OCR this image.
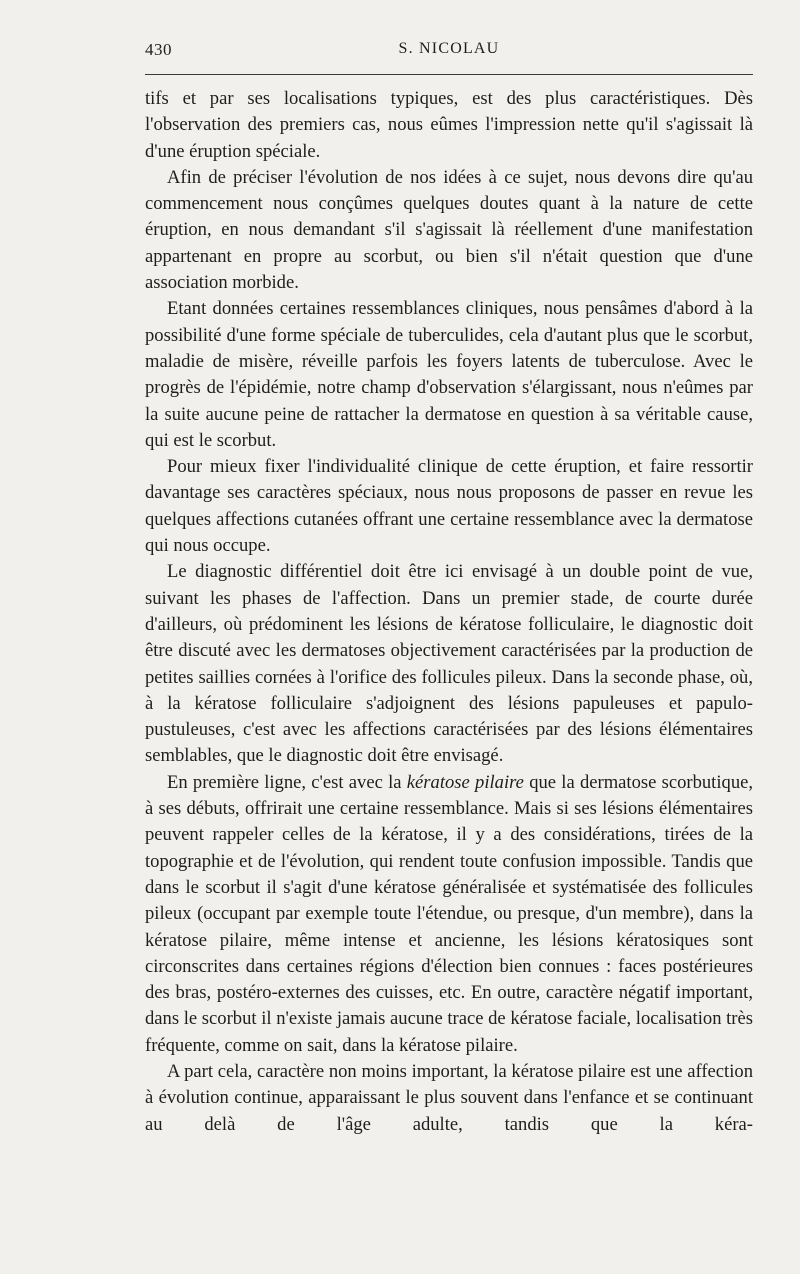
430	S. NICOLAU

tifs et par ses localisations typiques, est des plus caractéristiques. Dès l'observation des premiers cas, nous eûmes l'impression nette qu'il s'agissait là d'une éruption spéciale.

Afin de préciser l'évolution de nos idées à ce sujet, nous devons dire qu'au commencement nous conçûmes quelques doutes quant à la nature de cette éruption, en nous demandant s'il s'agissait là réellement d'une manifestation appartenant en propre au scorbut, ou bien s'il n'était question que d'une association morbide.

Etant données certaines ressemblances cliniques, nous pensâmes d'abord à la possibilité d'une forme spéciale de tuberculides, cela d'autant plus que le scorbut, maladie de misère, réveille parfois les foyers latents de tuberculose. Avec le progrès de l'épidémie, notre champ d'observation s'élargissant, nous n'eûmes par la suite aucune peine de rattacher la dermatose en question à sa véritable cause, qui est le scorbut.

Pour mieux fixer l'individualité clinique de cette éruption, et faire ressortir davantage ses caractères spéciaux, nous nous proposons de passer en revue les quelques affections cutanées offrant une certaine ressemblance avec la dermatose qui nous occupe.

Le diagnostic différentiel doit être ici envisagé à un double point de vue, suivant les phases de l'affection. Dans un premier stade, de courte durée d'ailleurs, où prédominent les lésions de kératose folliculaire, le diagnostic doit être discuté avec les dermatoses objectivement caractérisées par la production de petites saillies cornées à l'orifice des follicules pileux. Dans la seconde phase, où, à la kératose folliculaire s'adjoignent des lésions papuleuses et papulo-pustuleuses, c'est avec les affections caractérisées par des lésions élémentaires semblables, que le diagnostic doit être envisagé.

En première ligne, c'est avec la kératose pilaire que la dermatose scorbutique, à ses débuts, offrirait une certaine ressemblance. Mais si ses lésions élémentaires peuvent rappeler celles de la kératose, il y a des considérations, tirées de la topographie et de l'évolution, qui rendent toute confusion impossible. Tandis que dans le scorbut il s'agit d'une kératose généralisée et systématisée des follicules pileux (occupant par exemple toute l'étendue, ou presque, d'un membre), dans la kératose pilaire, même intense et ancienne, les lésions kératosiques sont circonscrites dans certaines régions d'élection bien connues : faces postérieures des bras, postéro-externes des cuisses, etc. En outre, caractère négatif important, dans le scorbut il n'existe jamais aucune trace de kératose faciale, localisation très fréquente, comme on sait, dans la kératose pilaire.

A part cela, caractère non moins important, la kératose pilaire est une affection à évolution continue, apparaissant le plus souvent dans l'enfance et se continuant au delà de l'âge adulte, tandis que la kéra-
